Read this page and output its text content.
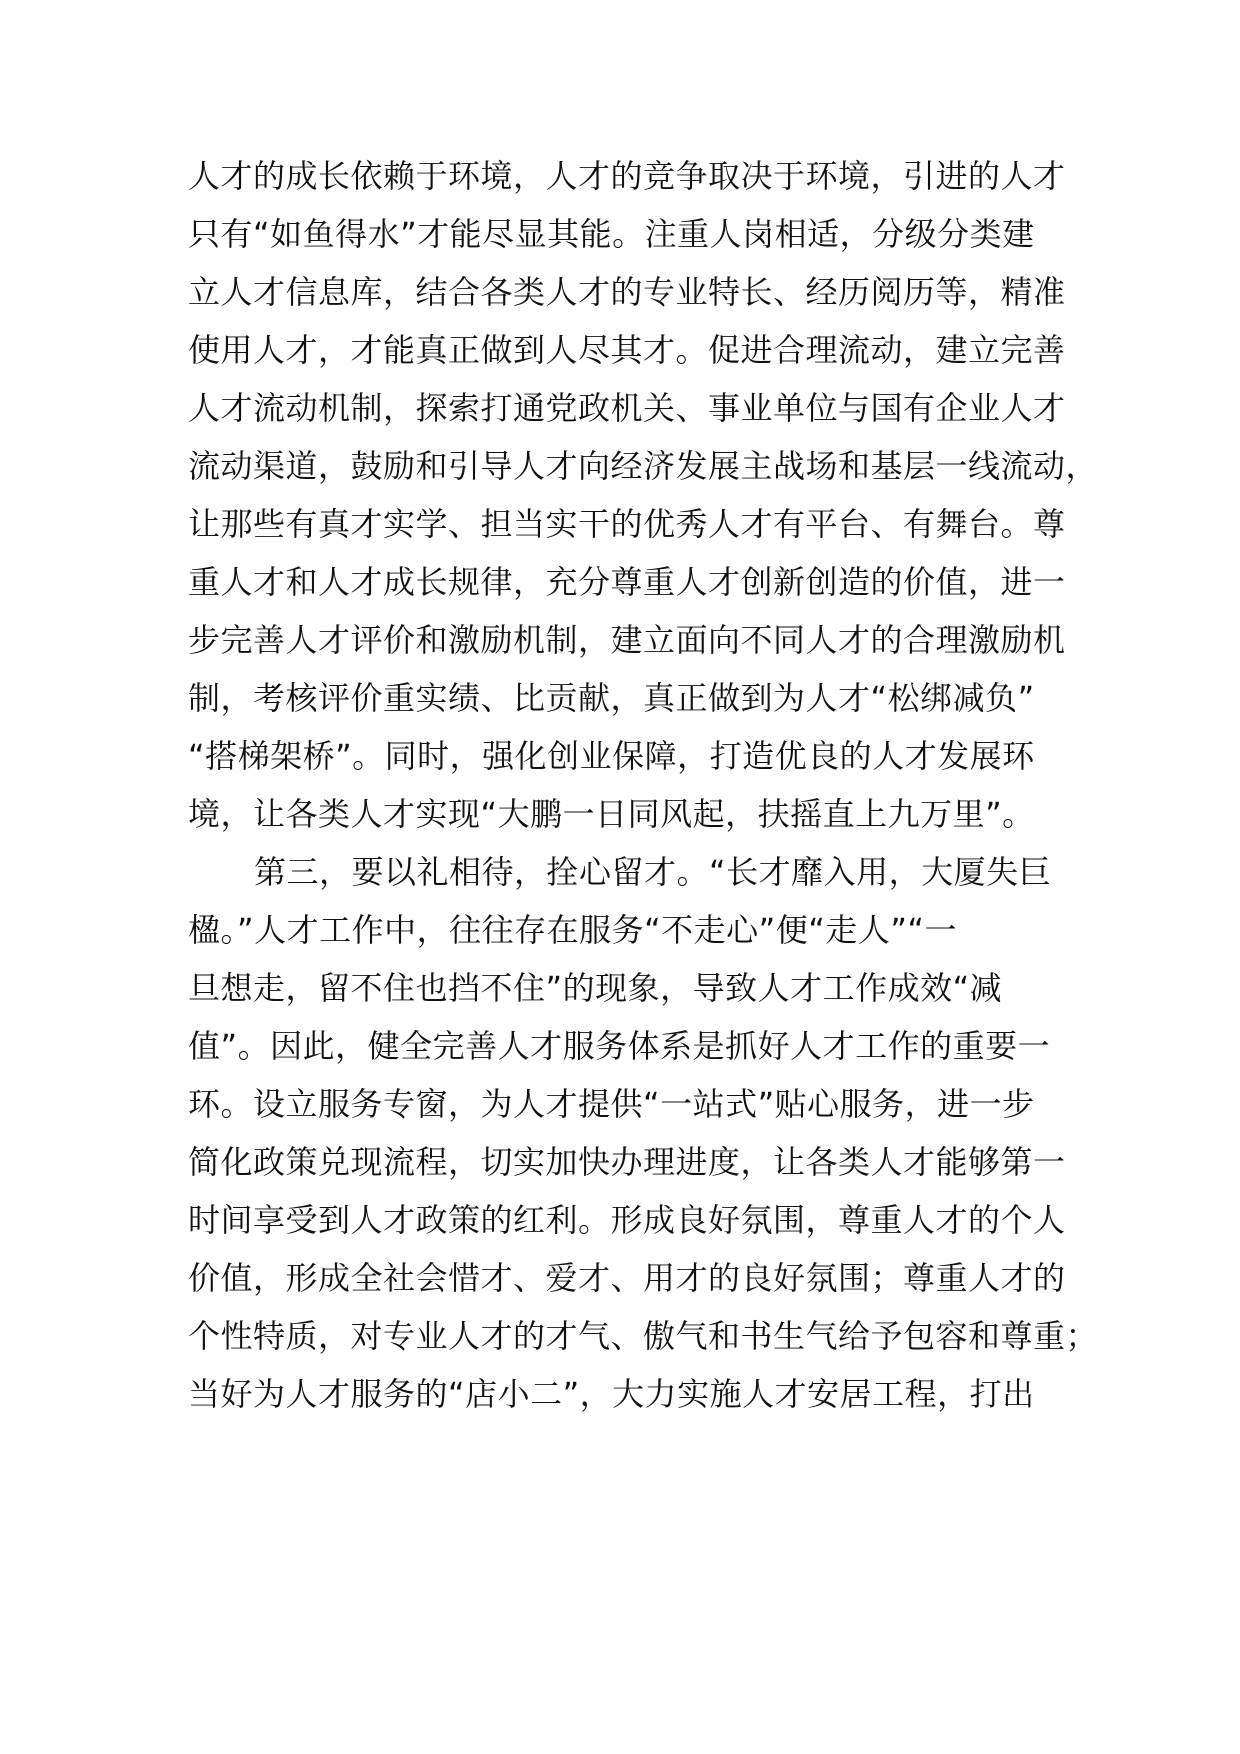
人才的成长依赖于环境，人才的竞争取决于环境，引进的人才
只有“如鱼得水”才能尽显其能。注重人岗相适，分级分类建
立人才信息库，结合各类人才的专业特长、经历阅历等，精准
使用人才，才能真正做到人尽其才。促进合理流动，建立完善
人才流动机制，探索打通党政机关、事业单位与国有企业人才
流动渠道，鼓励和引导人才向经济发展主战场和基层一线流动，
让那些有真才实学、担当实干的优秀人才有平台、有舞台。尊
重人才和人才成长规律，充分尊重人才创新创造的价值，进一
步完善人才评价和激励机制，建立面向不同人才的合理激励机
制，考核评价重实绩、比贡献，真正做到为人才“松绑减负”
“搭梯架桥”。同时，强化创业保障，打造优良的人才发展环
境，让各类人才实现“大鹏一日同风起，扶摇直上九万里”。
第三，要以礼相待，拴心留才。“长才靡入用，大厦失巨
楹。”人才工作中，往往存在服务“不走心”便“走人”“一
旦想走，留不住也挡不住”的现象，导致人才工作成效“减
值”。因此，健全完善人才服务体系是抓好人才工作的重要一
环。设立服务专窗，为人才提供“一站式”贴心服务，进一步
简化政策兑现流程，切实加快办理进度，让各类人才能够第一
时间享受到人才政策的红利。形成良好氛围，尊重人才的个人
价值，形成全社会惜才、爱才、用才的良好氛围；尊重人才的
个性特质，对专业人才的才气、傲气和书生气给予包容和尊重；
当好为人才服务的“店小二”，大力实施人才安居工程，打出
